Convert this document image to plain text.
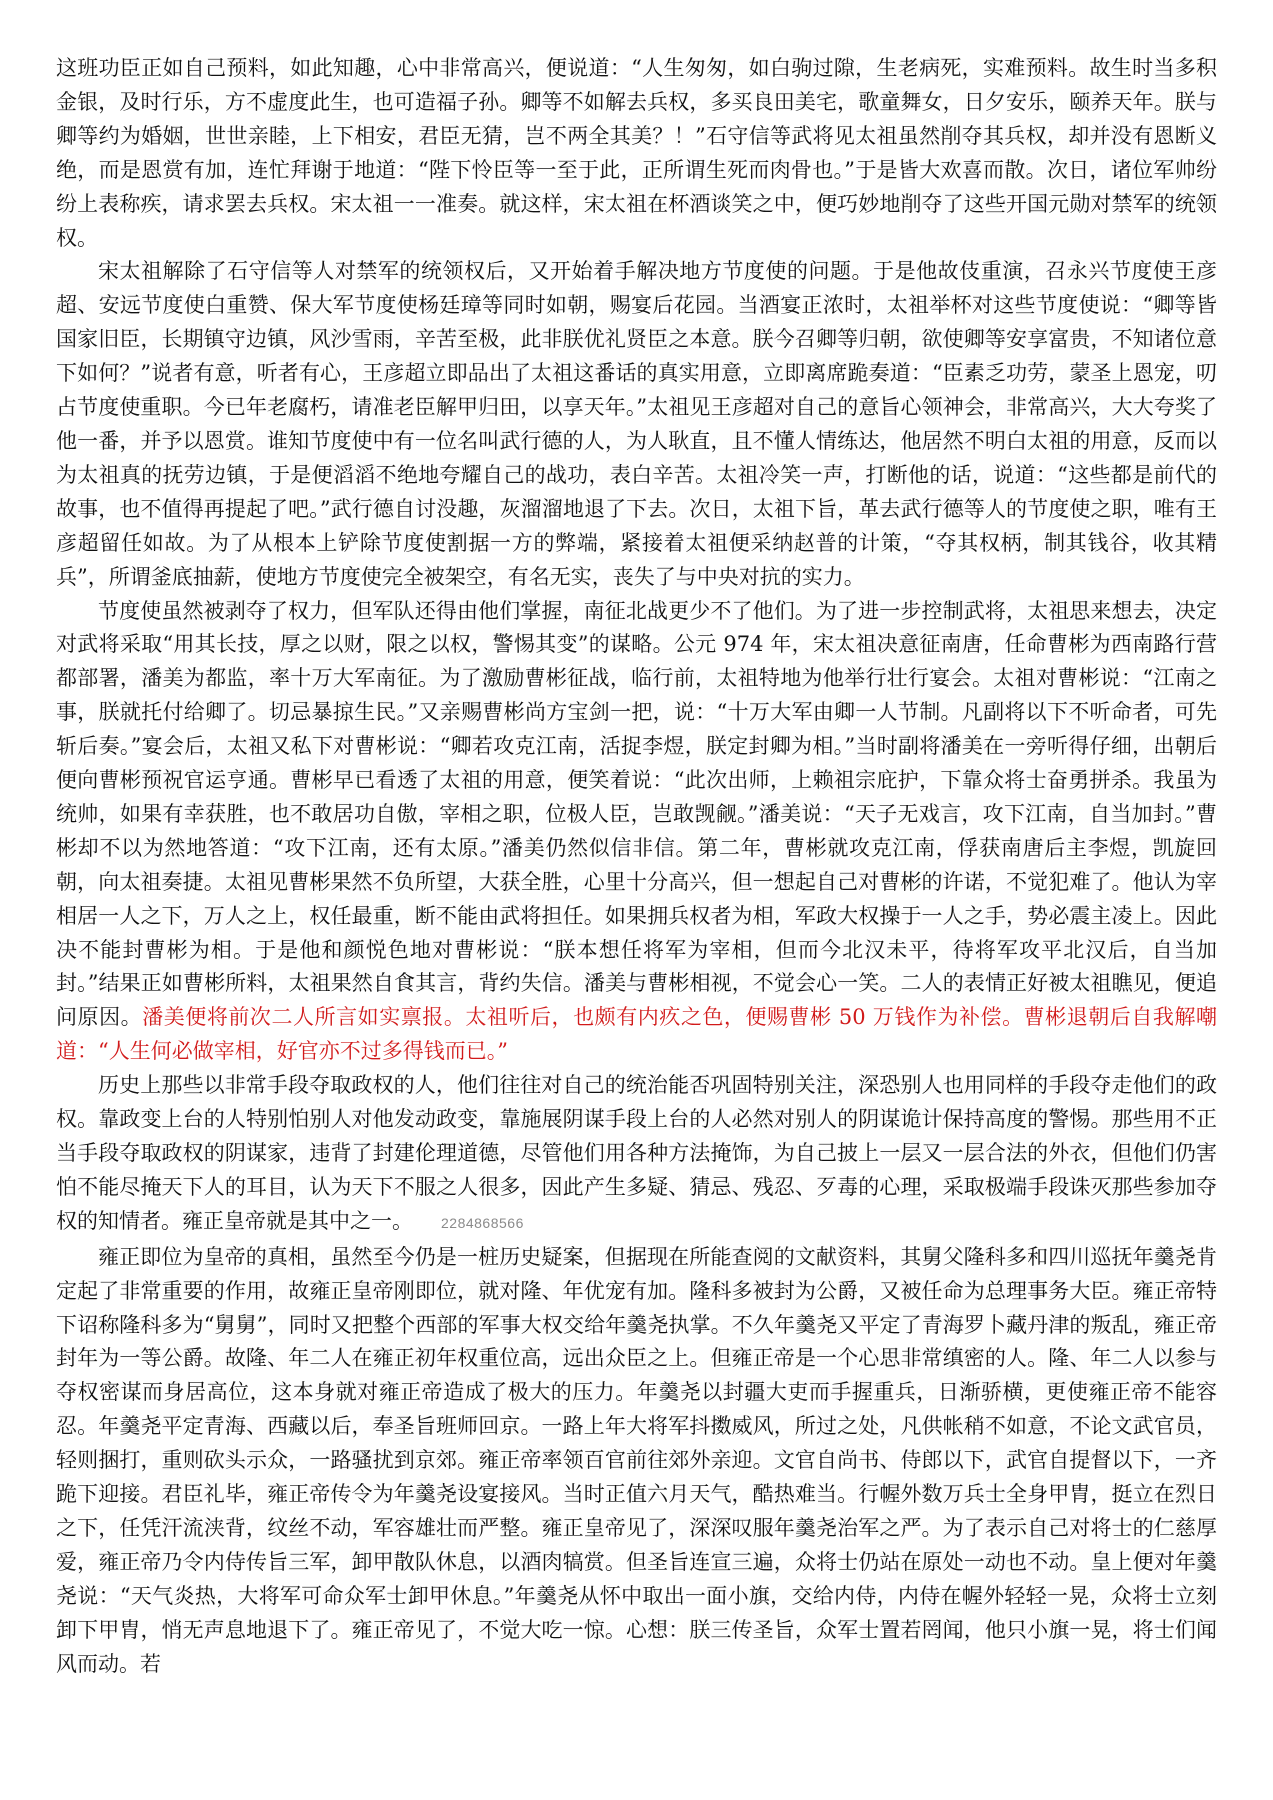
这班功臣正如自己预料，如此知趣，心中非常高兴，便说道：“人生匆匆，如白驹过隙，生老病死，实难预料。故生时当多积金银，及时行乐，方不虚度此生，也可造福子孙。卿等不如解去兵权，多买良田美宅，歌童舞女，日夕安乐，颐养天年。朕与卿等约为婚姻，世世亲睦，上下相安，君臣无猜，岂不两全其美？！”石守信等武将见太祖虽然削夺其兵权，却并没有恩断义绝，而是恩赏有加，连忙拜谢于地道：“陛下怜臣等一至于此，正所谓生死而肉骨也。”于是皆大欢喜而散。次日，诸位军帅纷纷上表称疾，请求罢去兵权。宋太祖一一准奏。就这样，宋太祖在杯酒谈笑之中，便巧妙地削夺了这些开国元勋对禁军的统领权。

宋太祖解除了石守信等人对禁军的统领权后，又开始着手解决地方节度使的问题。于是他故伎重演，召永兴节度使王彦超、安远节度使白重赞、保大军节度使杨廷璋等同时如朝，赐宴后花园。当酒宴正浓时，太祖举杯对这些节度使说：“卿等皆国家旧臣，长期镇守边镇，风沙雪雨，辛苦至极，此非朕优礼贤臣之本意。朕今召卿等归朝，欲使卿等安享富贵，不知诸位意下如何？”说者有意，听者有心，王彦超立即品出了太祖这番话的真实用意，立即离席跪奏道：“臣素乏功劳，蒙圣上恩宠，叨占节度使重职。今已年老腐朽，请准老臣解甲归田，以享天年。”太祖见王彦超对自己的意旨心领神会，非常高兴，大大夸奖了他一番，并予以恩赏。谁知节度使中有一位名叫武行德的人，为人耿直，且不懂人情练达，他居然不明白太祖的用意，反而以为太祖真的抚劳边镇，于是便滔滔不绝地夸耀自己的战功，表白辛苦。太祖冷笑一声，打断他的话，说道：“这些都是前代的故事，也不值得再提起了吧。”武行德自讨没趣，灰溜溜地退了下去。次日，太祖下旨，革去武行德等人的节度使之职，唯有王彦超留任如故。为了从根本上铲除节度使割据一方的弊端，紧接着太祖便采纳赵普的计策，“夺其权柄，制其钱谷，收其精兵”，所谓釜底抽薪，使地方节度使完全被架空，有名无实，丧失了与中央对抗的实力。

节度使虽然被剥夺了权力，但军队还得由他们掌握，南征北战更少不了他们。为了进一步控制武将，太祖思来想去，决定对武将采取“用其长技，厚之以财，限之以权，警惕其变”的谋略。公元 974 年，宋太祖决意征南唐，任命曹彬为西南路行营都部署，潘美为都监，率十万大军南征。为了激励曹彬征战，临行前，太祖特地为他举行壮行宴会。太祖对曹彬说：“江南之事，朕就托付给卿了。切忌暴掠生民。”又亲赐曹彬尚方宝剑一把，说：“十万大军由卿一人节制。凡副将以下不听命者，可先斩后奏。”宴会后，太祖又私下对曹彬说：“卿若攻克江南，活捉李煜，朕定封卿为相。”当时副将潘美在一旁听得仔细，出朝后便向曹彬预祝官运亨通。曹彬早已看透了太祖的用意，便笑着说：“此次出师，上赖祖宗庇护，下靠众将士奋勇拼杀。我虽为统帅，如果有幸获胜，也不敢居功自傲，宰相之职，位极人臣，岂敢觊觎。”潘美说：“天子无戏言，攻下江南，自当加封。”曹彬却不以为然地答道：“攻下江南，还有太原。”潘美仍然似信非信。第二年，曹彬就攻克江南，俘获南唐后主李煜，凯旋回朝，向太祖奏捷。太祖见曹彬果然不负所望，大获全胜，心里十分高兴，但一想起自己对曹彬的许诺，不觉犯难了。他认为宰相居一人之下，万人之上，权任最重，断不能由武将担任。如果拥兵权者为相，军政大权操于一人之手，势必震主凌上。因此决不能封曹彬为相。于是他和颜悦色地对曹彬说：“朕本想任将军为宰相，但而今北汉未平，待将军攻平北汉后，自当加封。”结果正如曹彬所料，太祖果然自食其言，背约失信。潘美与曹彬相视，不觉会心一笑。二人的表情正好被太祖瞧见，便追问原因。潘美便将前次二人所言如实禀报。太祖听后，也颇有内疚之色，便赐曹彬 50 万钱作为补偿。曹彬退朝后自我解嘲道：“人生何必做宰相，好官亦不过多得钱而已。”

历史上那些以非常手段夺取政权的人，他们往往对自己的统治能否巩固特别关注，深恐别人也用同样的手段夺走他们的政权。靠政变上台的人特别怕别人对他发动政变，靠施展阴谋手段上台的人必然对别人的阴谋诡计保持高度的警惕。那些用不正当手段夺取政权的阴谋家，违背了封建伦理道德，尽管他们用各种方法掩饰，为自己披上一层又一层合法的外衣，但他们仍害怕不能尽掩天下人的耳目，认为天下不服之人很多，因此产生多疑、猜忌、残忍、歹毒的心理，采取极端手段诛灭那些参加夺权的知情者。雍正皇帝就是其中之一。 2284868566

雍正即位为皇帝的真相，虽然至今仍是一桩历史疑案，但据现在所能查阅的文献资料，其舅父隆科多和四川巡抚年羹尧肯定起了非常重要的作用，故雍正皇帝刚即位，就对隆、年优宠有加。隆科多被封为公爵，又被任命为总理事务大臣。雍正帝特下诏称隆科多为“舅舅”，同时又把整个西部的军事大权交给年羹尧执掌。不久年羹尧又平定了青海罗卜藏丹津的叛乱，雍正帝封年为一等公爵。故隆、年二人在雍正初年权重位高，远出众臣之上。但雍正帝是一个心思非常缜密的人。隆、年二人以参与夺权密谋而身居高位，这本身就对雍正帝造成了极大的压力。年羹尧以封疆大吏而手握重兵，日渐骄横，更使雍正帝不能容忍。年羹尧平定青海、西藏以后，奉圣旨班师回京。一路上年大将军抖擞威风，所过之处，凡供帐稍不如意，不论文武官员，轻则捆打，重则砍头示众，一路骚扰到京郊。雍正帝率领百官前往郊外亲迎。文官自尚书、侍郎以下，武官自提督以下，一齐跪下迎接。君臣礼毕，雍正帝传令为年羹尧设宴接风。当时正值六月天气，酷热难当。行幄外数万兵士全身甲胄，挺立在烈日之下，任凭汗流浃背，纹丝不动，军容雄壮而严整。雍正皇帝见了，深深叹服年羹尧治军之严。为了表示自己对将士的仁慈厚爱，雍正帝乃令内侍传旨三军，卸甲散队休息，以酒肉犒赏。但圣旨连宣三遍，众将士仍站在原处一动也不动。皇上便对年羹尧说：“天气炎热，大将军可命众军士卸甲休息。”年羹尧从怀中取出一面小旗，交给内侍，内侍在幄外轻轻一晃，众将士立刻卸下甲胄，悄无声息地退下了。雍正帝见了，不觉大吃一惊。心想：朕三传圣旨，众军士置若罔闻，他只小旗一晃，将士们闻风而动。若
